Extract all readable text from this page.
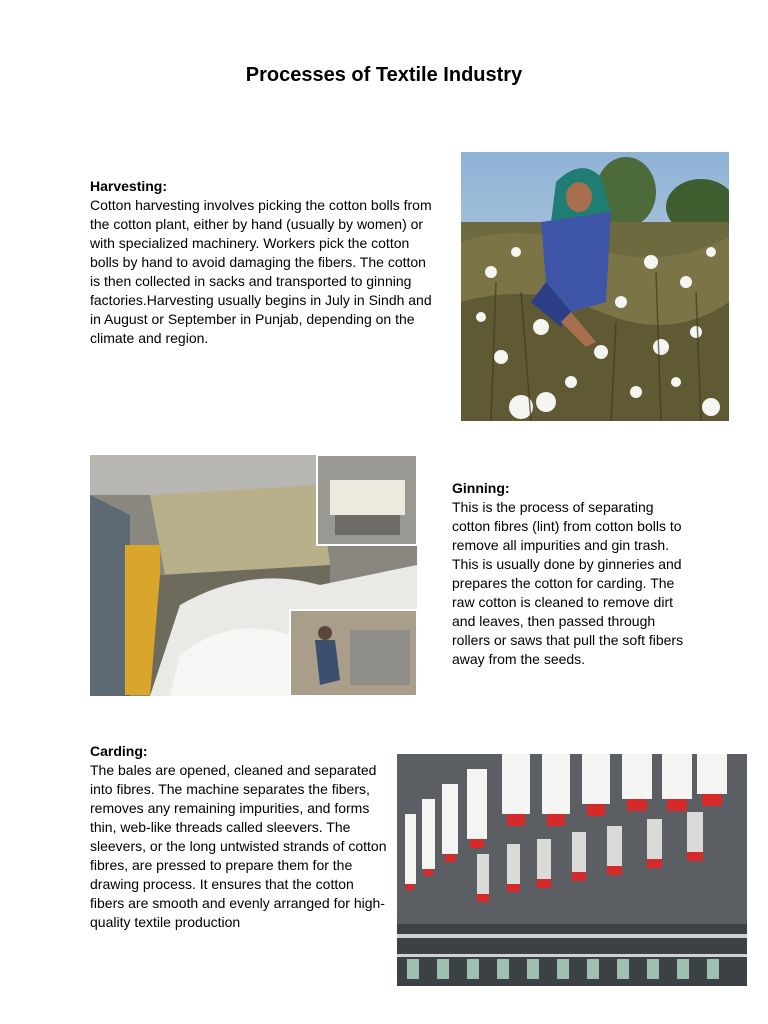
Processes of Textile Industry
Harvesting:
Cotton harvesting involves picking the cotton bolls from the cotton plant, either by hand (usually by women) or with specialized machinery. Workers pick the cotton bolls by hand to avoid damaging the fibers. The cotton is then collected in sacks and transported to ginning factories.Harvesting usually begins in July in Sindh and in August or September in Punjab, depending on the climate and region.
Ginning:
This is the process of separating cotton fibres (lint) from cotton bolls to remove all impurities and gin trash. This is usually done by ginneries and prepares the cotton for carding. The raw cotton is cleaned to remove dirt and leaves, then passed through rollers or saws that pull the soft fibers away from the seeds.
Carding:
The bales are opened, cleaned and separated into fibres. The machine separates the fibers, removes any remaining impurities, and forms thin, web-like threads called sleevers. The sleevers, or the long untwisted strands of cotton fibres, are pressed to prepare them for the drawing process. It ensures that the cotton fibers are smooth and evenly arranged for high-quality textile production
